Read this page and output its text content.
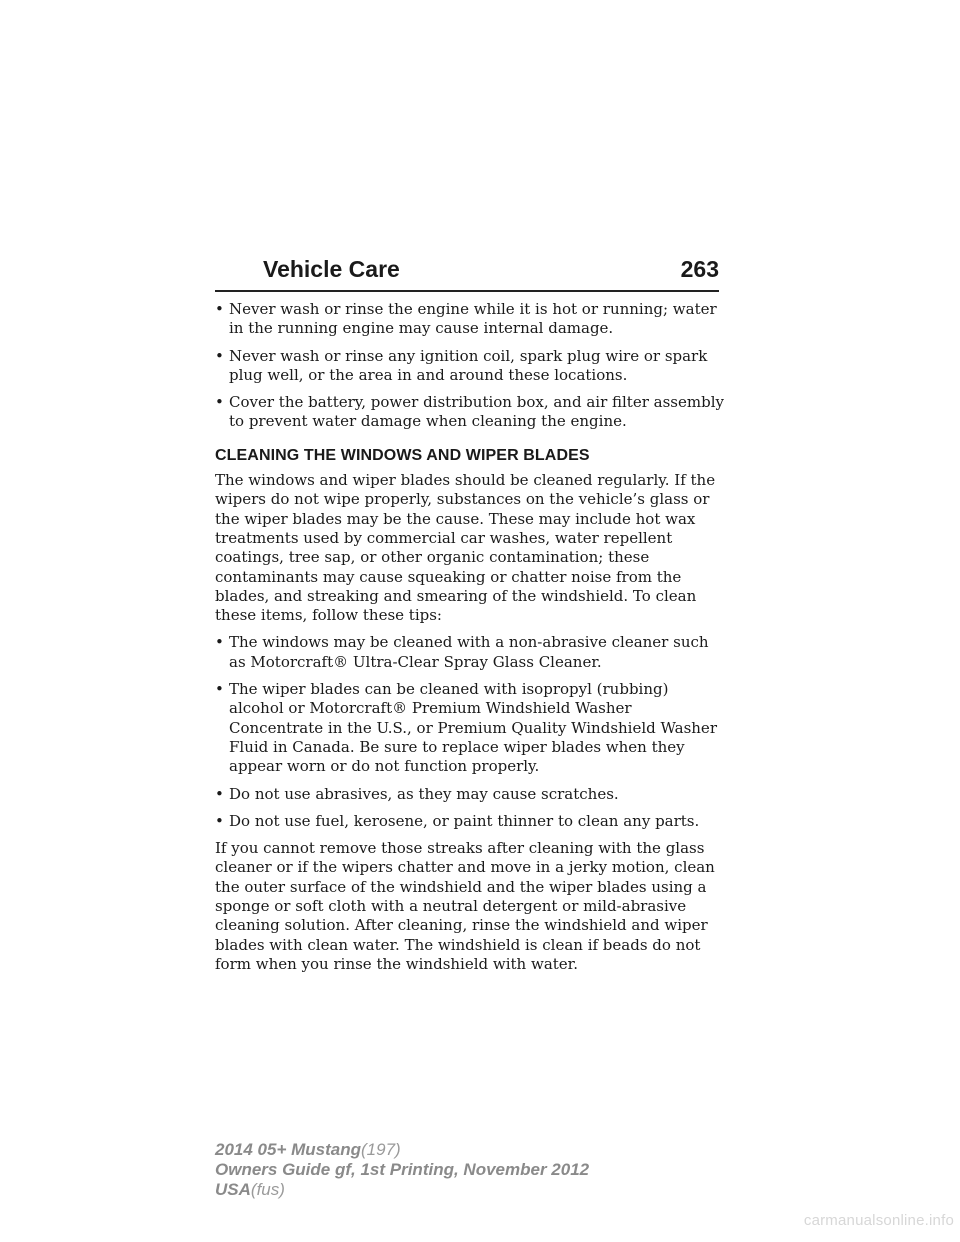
Vehicle Care	263
• Never wash or rinse the engine while it is hot or running; water in the running engine may cause internal damage.
• Never wash or rinse any ignition coil, spark plug wire or spark plug well, or the area in and around these locations.
• Cover the battery, power distribution box, and air filter assembly to prevent water damage when cleaning the engine.
CLEANING THE WINDOWS AND WIPER BLADES

The windows and wiper blades should be cleaned regularly. If the wipers do not wipe properly, substances on the vehicle’s glass or the wiper blades may be the cause. These may include hot wax treatments used by commercial car washes, water repellent coatings, tree sap, or other organic contamination; these contaminants may cause squeaking or chatter noise from the blades, and streaking and smearing of the windshield. To clean these items, follow these tips:

• The windows may be cleaned with a non-abrasive cleaner such as Motorcraft® Ultra-Clear Spray Glass Cleaner.
• The wiper blades can be cleaned with isopropyl (rubbing) alcohol or Motorcraft® Premium Windshield Washer Concentrate in the U.S., or Premium Quality Windshield Washer Fluid in Canada. Be sure to replace wiper blades when they appear worn or do not function properly.
• Do not use abrasives, as they may cause scratches.
• Do not use fuel, kerosene, or paint thinner to clean any parts.

If you cannot remove those streaks after cleaning with the glass cleaner or if the wipers chatter and move in a jerky motion, clean the outer surface of the windshield and the wiper blades using a sponge or soft cloth with a neutral detergent or mild-abrasive cleaning solution. After cleaning, rinse the windshield and wiper blades with clean water. The windshield is clean if beads do not form when you rinse the windshield with water.

2014 05+ Mustang(197)
Owners Guide gf, 1st Printing, November 2012
USA(fus)
carmanualsonline.info
